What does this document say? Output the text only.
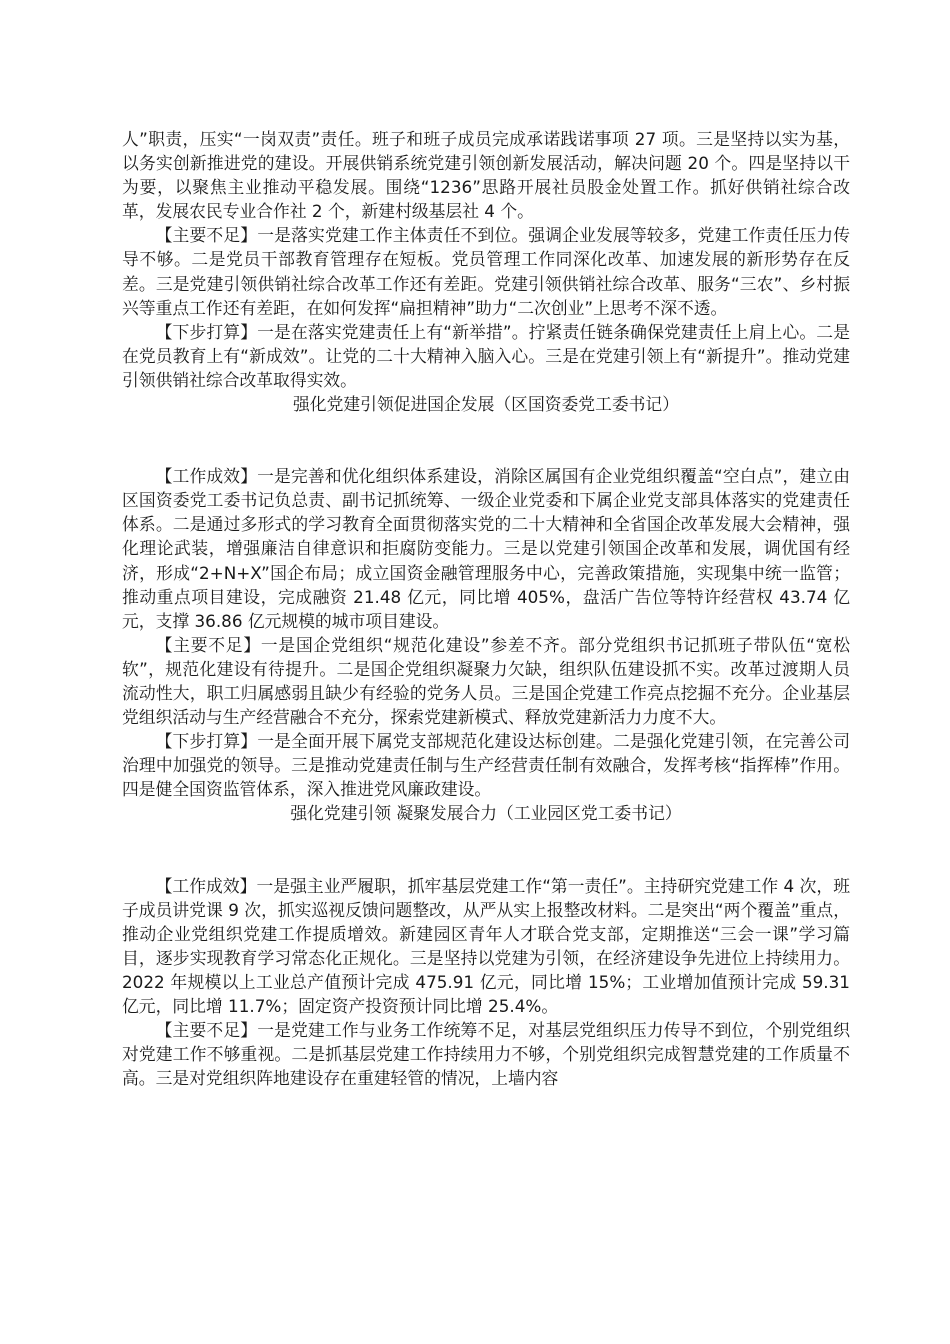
人”职责，压实“一岗双责”责任。班子和班子成员完成承诺践诺事项 27 项。三是坚持以实为基，以务实创新推进党的建设。开展供销系统党建引领创新发展活动，解决问题 20 个。四是坚持以干为要，以聚焦主业推动平稳发展。围绕“1236”思路开展社员股金处置工作。抓好供销社综合改革，发展农民专业合作社 2 个，新建村级基层社 4 个。

【主要不足】一是落实党建工作主体责任不到位。强调企业发展等较多，党建工作责任压力传导不够。二是党员干部教育管理存在短板。党员管理工作同深化改革、加速发展的新形势存在反差。三是党建引领供销社综合改革工作还有差距。党建引领供销社综合改革、服务“三农”、乡村振兴等重点工作还有差距，在如何发挥“扁担精神”助力“二次创业”上思考不深不透。

【下步打算】一是在落实党建责任上有“新举措”。拧紧责任链条确保党建责任上肩上心。二是在党员教育上有“新成效”。让党的二十大精神入脑入心。三是在党建引领上有“新提升”。推动党建引领供销社综合改革取得实效。

强化党建引领促进国企发展（区国资委党工委书记）

【工作成效】一是完善和优化组织体系建设，消除区属国有企业党组织覆盖“空白点”，建立由区国资委党工委书记负总责、副书记抓统筹、一级企业党委和下属企业党支部具体落实的党建责任体系。二是通过多形式的学习教育全面贯彻落实党的二十大精神和全省国企改革发展大会精神，强化理论武装，增强廉洁自律意识和拒腐防变能力。三是以党建引领国企改革和发展，调优国有经济，形成“2+N+X”国企布局；成立国资金融管理服务中心，完善政策措施，实现集中统一监管；推动重点项目建设，完成融资 21.48 亿元，同比增 405%，盘活广告位等特许经营权 43.74 亿元，支撑 36.86 亿元规模的城市项目建设。

【主要不足】一是国企党组织“规范化建设”参差不齐。部分党组织书记抓班子带队伍“宽松软”，规范化建设有待提升。二是国企党组织凝聚力欠缺，组织队伍建设抓不实。改革过渡期人员流动性大，职工归属感弱且缺少有经验的党务人员。三是国企党建工作亮点挖掘不充分。企业基层党组织活动与生产经营融合不充分，探索党建新模式、释放党建新活力力度不大。

【下步打算】一是全面开展下属党支部规范化建设达标创建。二是强化党建引领，在完善公司治理中加强党的领导。三是推动党建责任制与生产经营责任制有效融合，发挥考核“指挥棒”作用。四是健全国资监管体系，深入推进党风廉政建设。

强化党建引领 凝聚发展合力（工业园区党工委书记）

【工作成效】一是强主业严履职，抓牢基层党建工作“第一责任”。主持研究党建工作 4 次，班子成员讲党课 9 次，抓实巡视反馈问题整改，从严从实上报整改材料。二是突出“两个覆盖”重点，推动企业党组织党建工作提质增效。新建园区青年人才联合党支部，定期推送“三会一课”学习篇目，逐步实现教育学习常态化正规化。三是坚持以党建为引领，在经济建设争先进位上持续用力。2022 年规模以上工业总产值预计完成 475.91 亿元，同比增 15%；工业增加值预计完成 59.31 亿元，同比增 11.7%；固定资产投资预计同比增 25.4%。

【主要不足】一是党建工作与业务工作统筹不足，对基层党组织压力传导不到位，个别党组织对党建工作不够重视。二是抓基层党建工作持续用力不够，个别党组织完成智慧党建的工作质量不高。三是对党组织阵地建设存在重建轻管的情况，上墙内容
